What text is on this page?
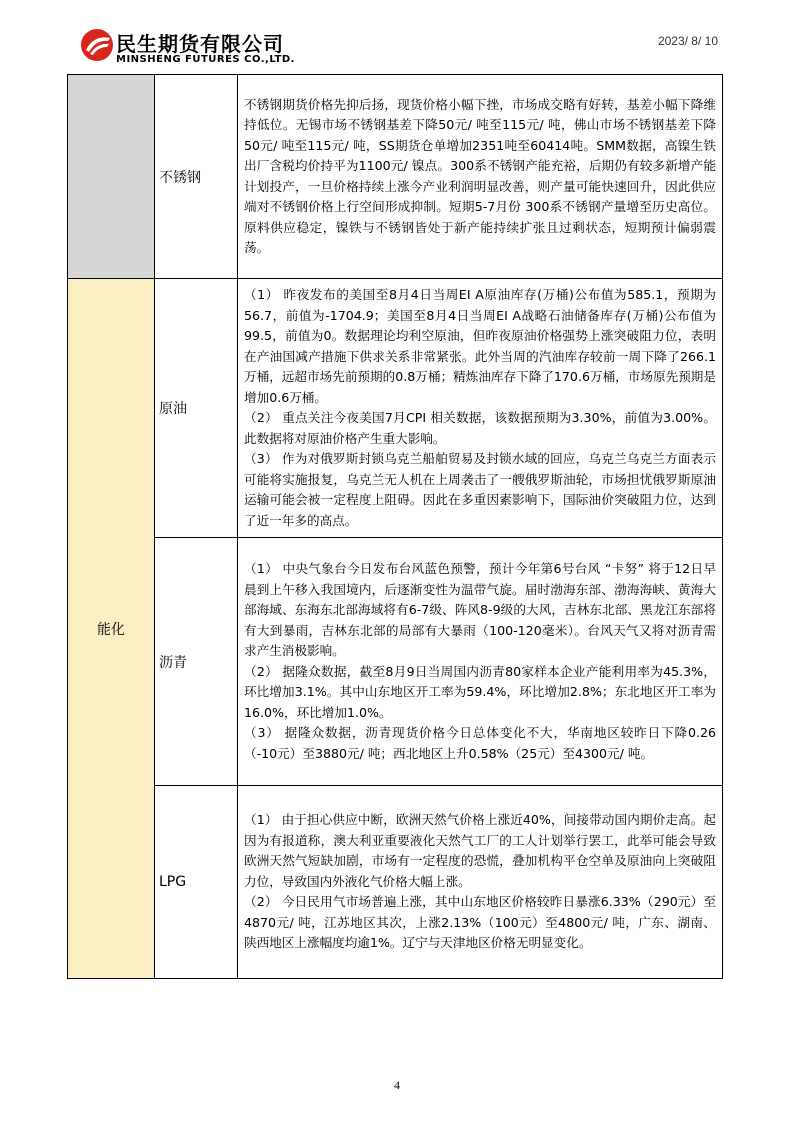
民生期货有限公司
MINSHENG FUTURES CO.,LTD.
2023/ 8/ 10
	不锈钢	不锈钢期货价格先抑后扬，现货价格小幅下挫，市场成交略有好转，基差小幅下降维持低位。无锡市场不锈钢基差下降50元/ 吨至115元/ 吨，佛山市场不锈钢基差下降50元/ 吨至115元/ 吨，SS期货仓单增加2351吨至60414吨。SMM数据，高镍生铁出厂含税均价持平为1100元/ 镍点。300系不锈钢产能充裕，后期仍有较多新增产能计划投产，一旦价格持续上涨今产业利润明显改善，则产量可能快速回升，因此供应端对不锈钢价格上行空间形成抑制。短期5-7月份 300系不锈钢产量增至历史高位。原料供应稳定，镍铁与不锈钢皆处于新产能持续扩张且过剩状态，短期预计偏弱震荡。

能化	原油	（1） 昨夜发布的美国至8月4日当周EI A原油库存(万桶)公布值为585.1，预期为56.7，前值为-1704.9；美国至8月4日当周EI A战略石油储备库存(万桶)公布值为99.5，前值为0。数据理论均利空原油，但昨夜原油价格强势上涨突破阻力位，表明在产油国减产措施下供求关系非常紧张。此外当周的汽油库存较前一周下降了266.1万桶，远超市场先前预期的0.8万桶；精炼油库存下降了170.6万桶，市场原先预期是增加0.6万桶。

（2） 重点关注今夜美国7月CPI 相关数据，该数据预期为3.30%，前值为3.00%。此数据将对原油价格产生重大影响。

（3） 作为对俄罗斯封锁乌克兰船舶贸易及封锁水域的回应，乌克兰乌克兰方面表示可能将实施报复，乌克兰无人机在上周袭击了一艘俄罗斯油轮，市场担忧俄罗斯原油运输可能会被一定程度上阻碍。因此在多重因素影响下，国际油价突破阻力位，达到了近一年多的高点。

	沥青	（1） 中央气象台今日发布台风蓝色预警，预计今年第6号台风 “卡努” 将于12日早晨到上午移入我国境内，后逐渐变性为温带气旋。届时渤海东部、渤海海峡、黄海大部海域、东海东北部海域将有6-7级、阵风8-9级的大风，吉林东北部、黑龙江东部将有大到暴雨，吉林东北部的局部有大暴雨（100-120毫米）。台风天气又将对沥青需求产生消极影响。

（2） 据隆众数据，截至8月9日当周国内沥青80家样本企业产能利用率为45.3%，环比增加3.1%。其中山东地区开工率为59.4%，环比增加2.8%；东北地区开工率为16.0%，环比增加1.0%。

（3） 据隆众数据，沥青现货价格今日总体变化不大，华南地区较昨日下降0.26（-10元）至3880元/ 吨；西北地区上升0.58%（25元）至4300元/ 吨。

	LPG	（1） 由于担心供应中断，欧洲天然气价格上涨近40%，间接带动国内期价走高。起因为有报道称，澳大利亚重要液化天然气工厂的工人计划举行罢工，此举可能会导致欧洲天然气短缺加剧，市场有一定程度的恐慌，叠加机构平仓空单及原油向上突破阻力位，导致国内外液化气价格大幅上涨。

（2） 今日民用气市场普遍上涨，其中山东地区价格较昨日暴涨6.33%（290元）至4870元/ 吨，江苏地区其次，上涨2.13%（100元）至4800元/ 吨，广东、湖南、陕西地区上涨幅度均逾1%。辽宁与天津地区价格无明显变化。

4
